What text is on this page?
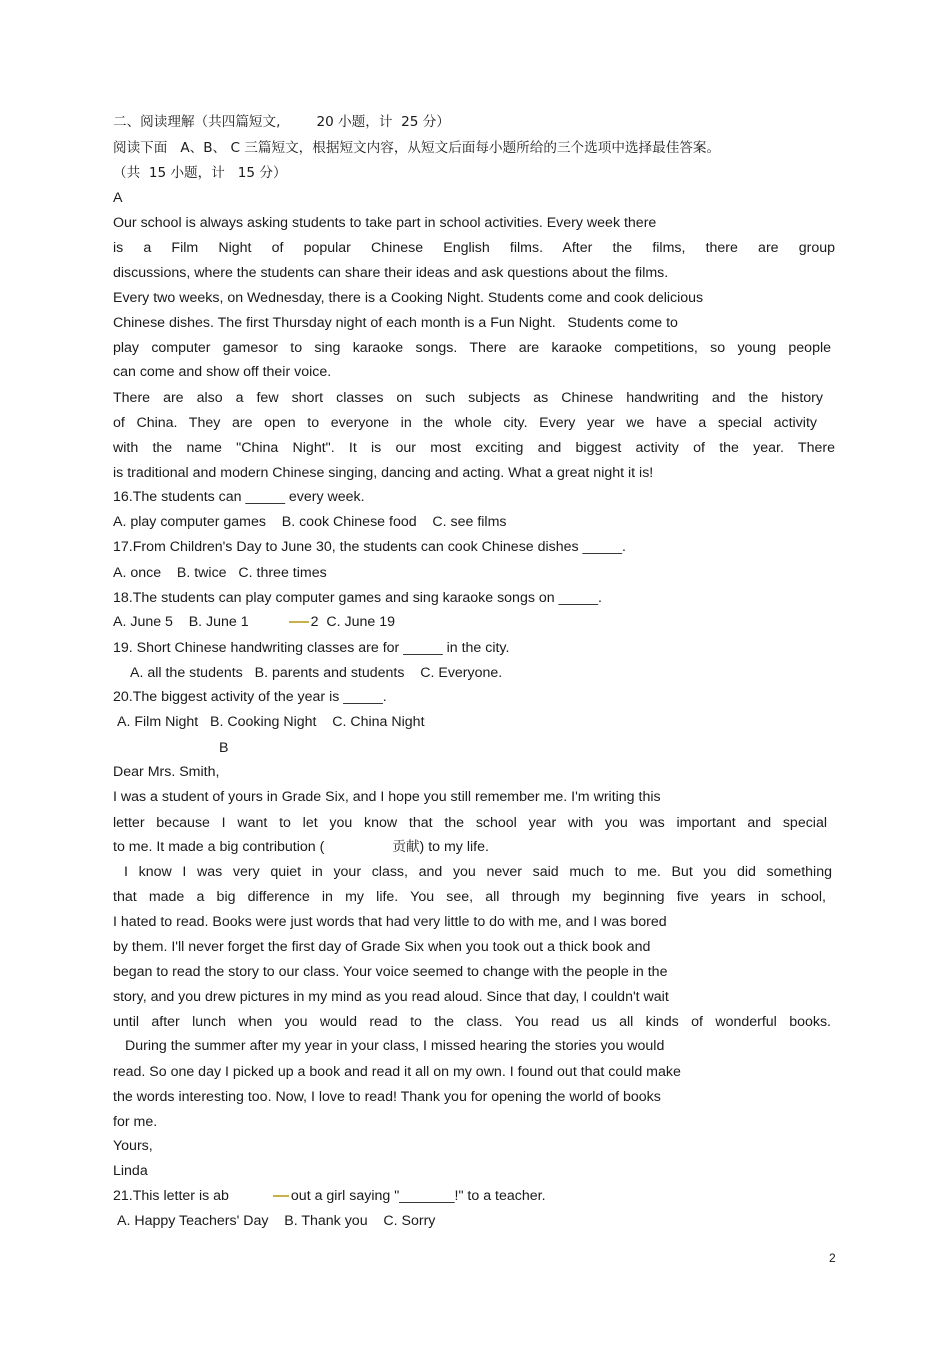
二、阅读理解（共四篇短文,	20 小题，计  25 分）
阅读下面   A、B、 C 三篇短文，根据短文内容，从短文后面每小题所给的三个选项中选择最佳答案。
（共  15 小题，计   15 分）
A
Our school is always asking students to take part in school activities. Every week there
is a Film Night of popular Chinese English films. After the films, there are group
discussions, where the students can share their ideas and ask questions about the films.
Every two weeks, on Wednesday, there is a Cooking Night. Students come and cook delicious
Chinese dishes. The first Thursday night of each month is a Fun Night.   Students come to
play computer gamesor to sing karaoke songs. There are karaoke competitions, so young people
can come and show off their voice.
There are also a few short classes on such subjects as Chinese handwriting and the history
of China. They are open to everyone in the whole city. Every year we have a special activity
with the name "China Night". It is our most exciting and biggest activity of the year. There
is traditional and modern Chinese singing, dancing and acting. What a great night it is!
16.The students can _____ every week.
A. play computer games    B. cook Chinese food    C. see films
17.From Children's Day to June 30, the students can cook Chinese dishes _____.
A. once    B. twice   C. three times
18.The students can play computer games and sing karaoke songs on _____.
A. June 5    B. June 1	2  C. June 19
19. Short Chinese handwriting classes are for _____ in the city.
A. all the students   B. parents and students    C. Everyone.
20.The biggest activity of the year is _____.
A. Film Night   B. Cooking Night    C. China Night
B
Dear Mrs. Smith,
I was a student of yours in Grade Six, and I hope you still remember me. I'm writing this
letter because I want to let you know that the school year with you was important and special
to me. It made a big contribution (	贡献) to my life.
I know I was very quiet in your class, and you never said much to me. But you did something
that made a big difference in my life. You see, all through my beginning five years in school,
I hated to read. Books were just words that had very little to do with me, and I was bored
by them. I'll never forget the first day of Grade Six when you took out a thick book and
began to read the story to our class. Your voice seemed to change with the people in the
story, and you drew pictures in my mind as you read aloud. Since that day, I couldn't wait
until after lunch when you would read to the class. You read us all kinds of wonderful books.
During the summer after my year in your class, I missed hearing the stories you would
read. So one day I picked up a book and read it all on my own. I found out that could make
the words interesting too. Now, I love to read! Thank you for opening the world of books
for me.
Yours,
Linda
21.This letter is ab	out a girl saying "_______!" to a teacher.
A. Happy Teachers' Day    B. Thank you    C. Sorry
2
